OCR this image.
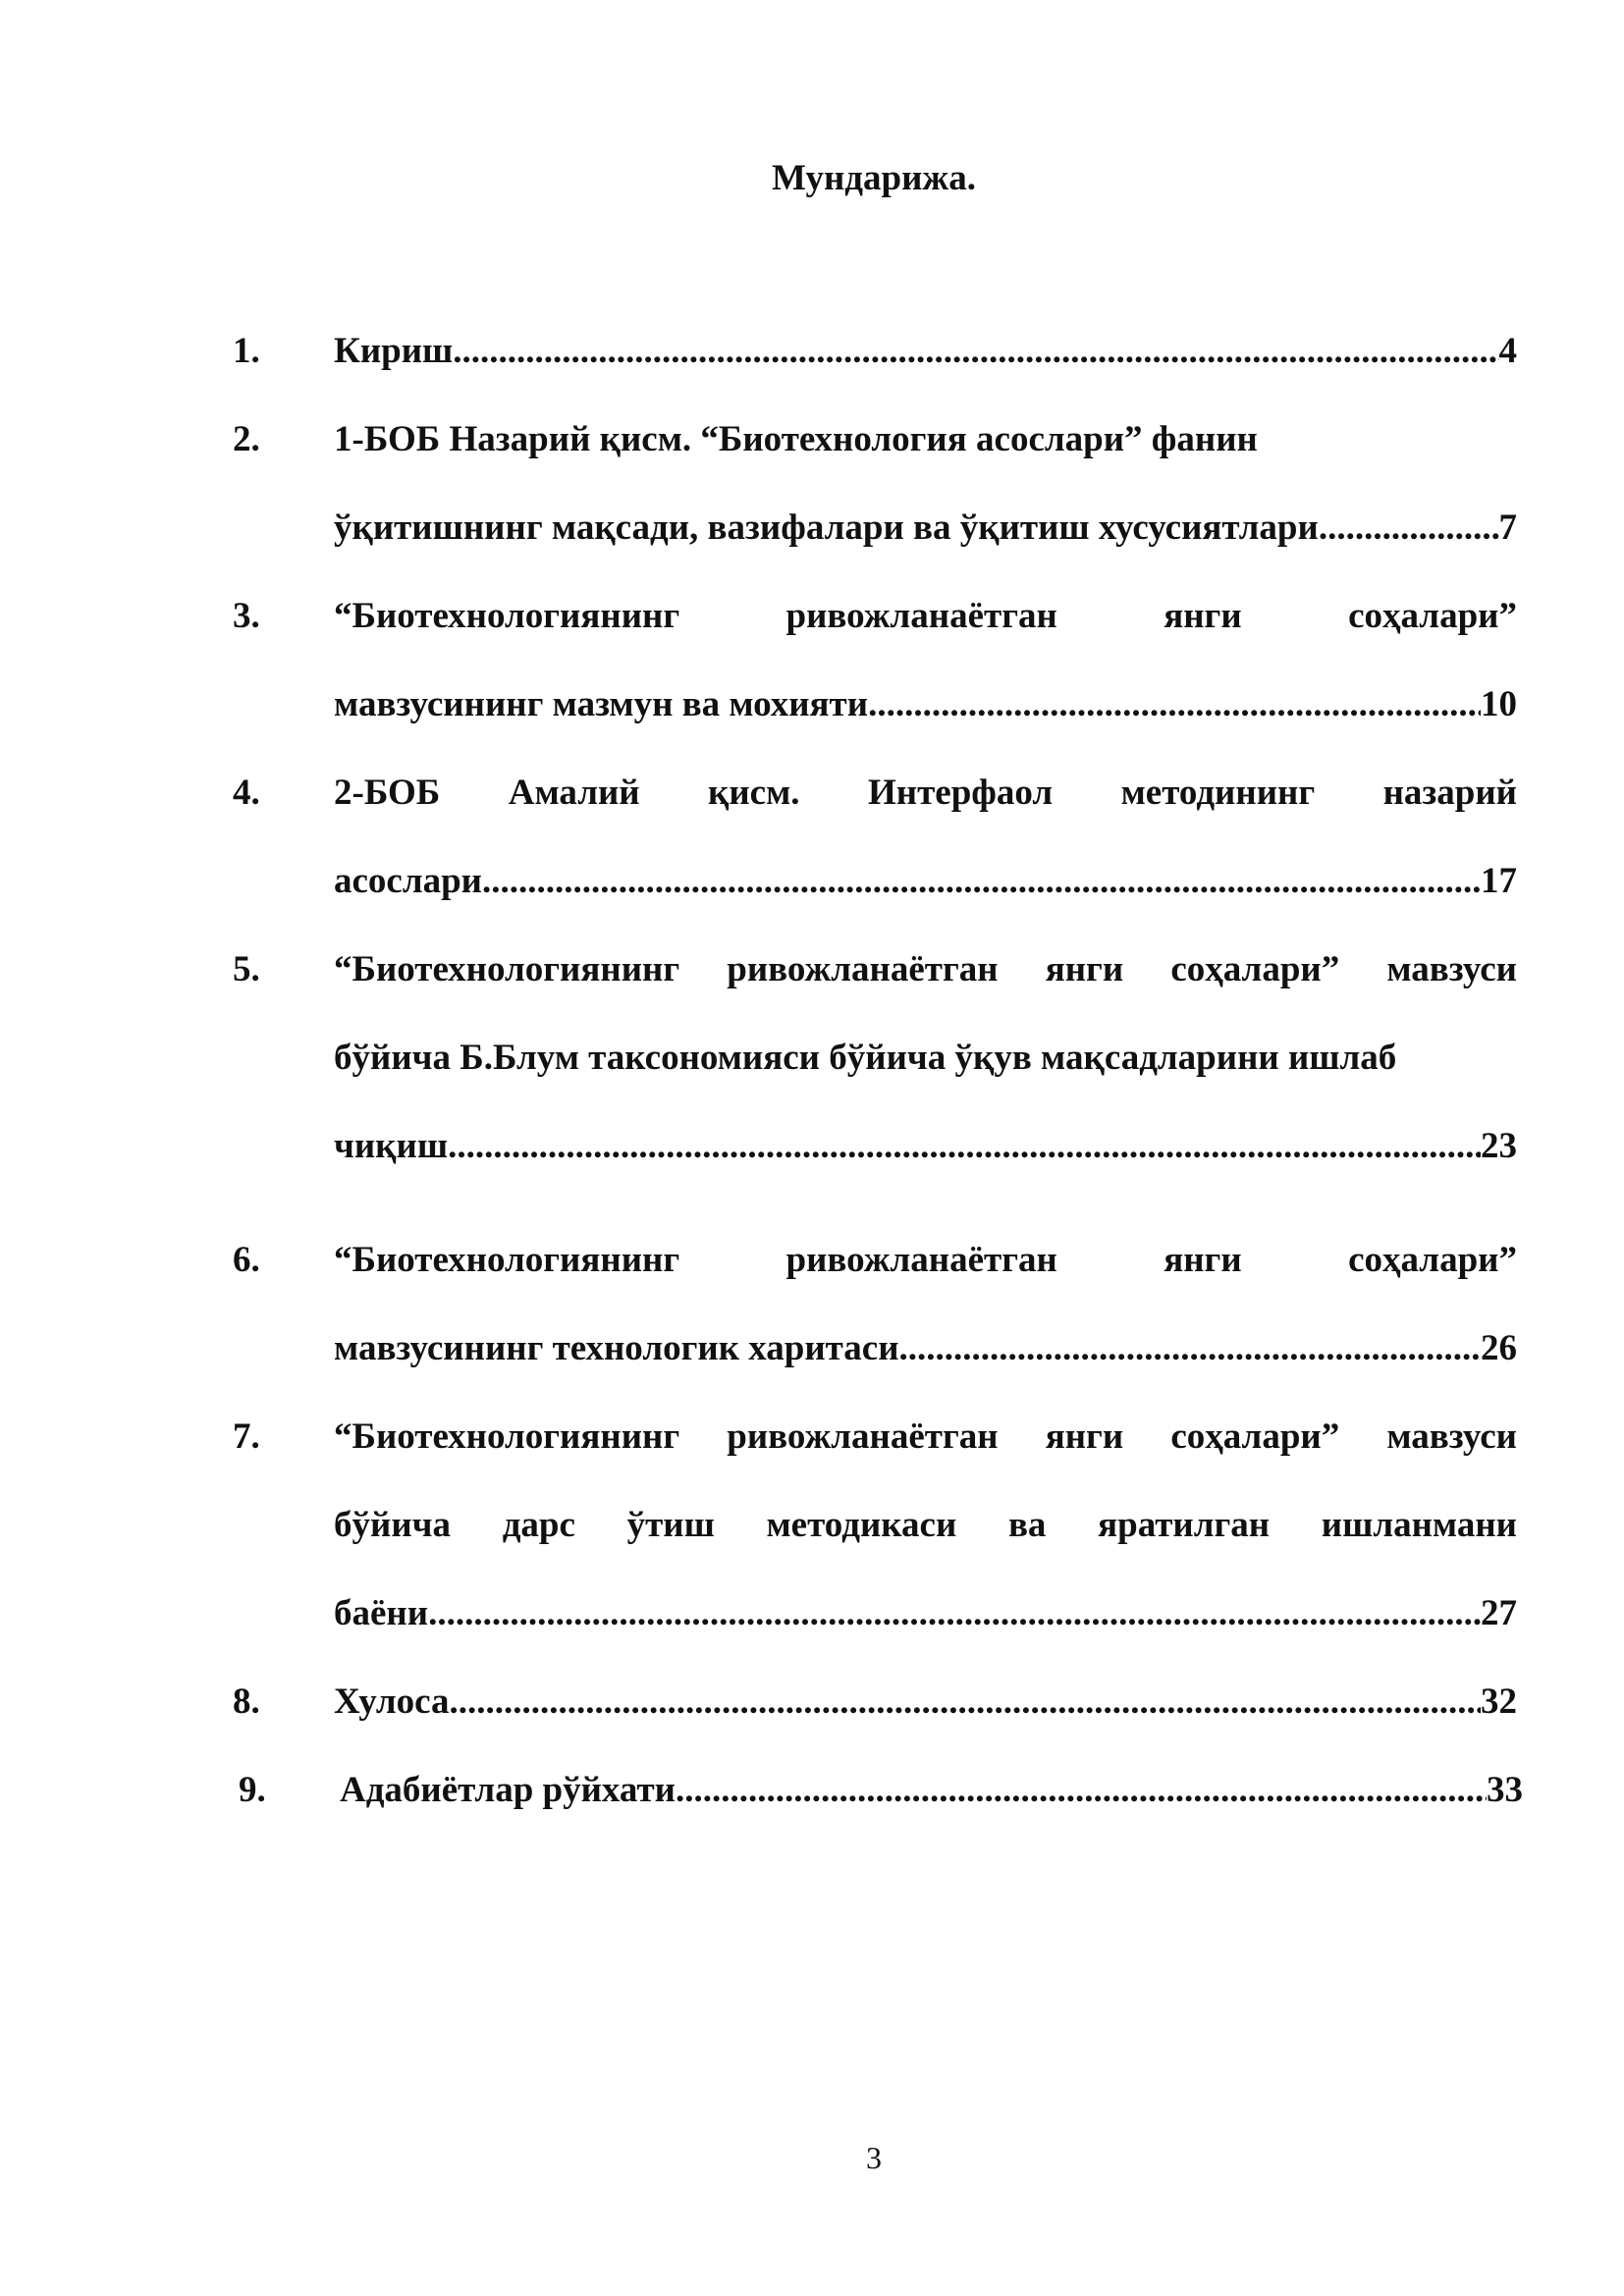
Мундарижа.
1. Кириш .....	4
2. 1-БОБ Назарий қисм. “Биотехнология асослари” фанин
ўқитишнинг мақсади, вазифалари ва ўқитиш хусусиятлари .....	7
3. “Биотехнологиянинг	ривожланаётган	янги	соҳалари”
мавзусининг мазмун ва мохияти .....	10
4. 2-БОБ Амалий қисм. Интерфаол методининг назарий
асослари .....	17
5. “Биотехнологиянинг ривожланаётган янги соҳалари” мавзуси
бўйича Б.Блум таксономияси бўйича ўқув мақсадларини ишлаб
чиқиш .....	23
6. “Биотехнологиянинг	ривожланаётган	янги	соҳалари”
мавзусининг технологик харитаси .....	26
7. “Биотехнологиянинг ривожланаётган янги соҳалари” мавзуси
бўйича дарс ўтиш методикаси ва яратилган ишланмани
баёни .....	27
8. Хулоса .....	32
9. Адабиётлар рўйхати .....	33
3
